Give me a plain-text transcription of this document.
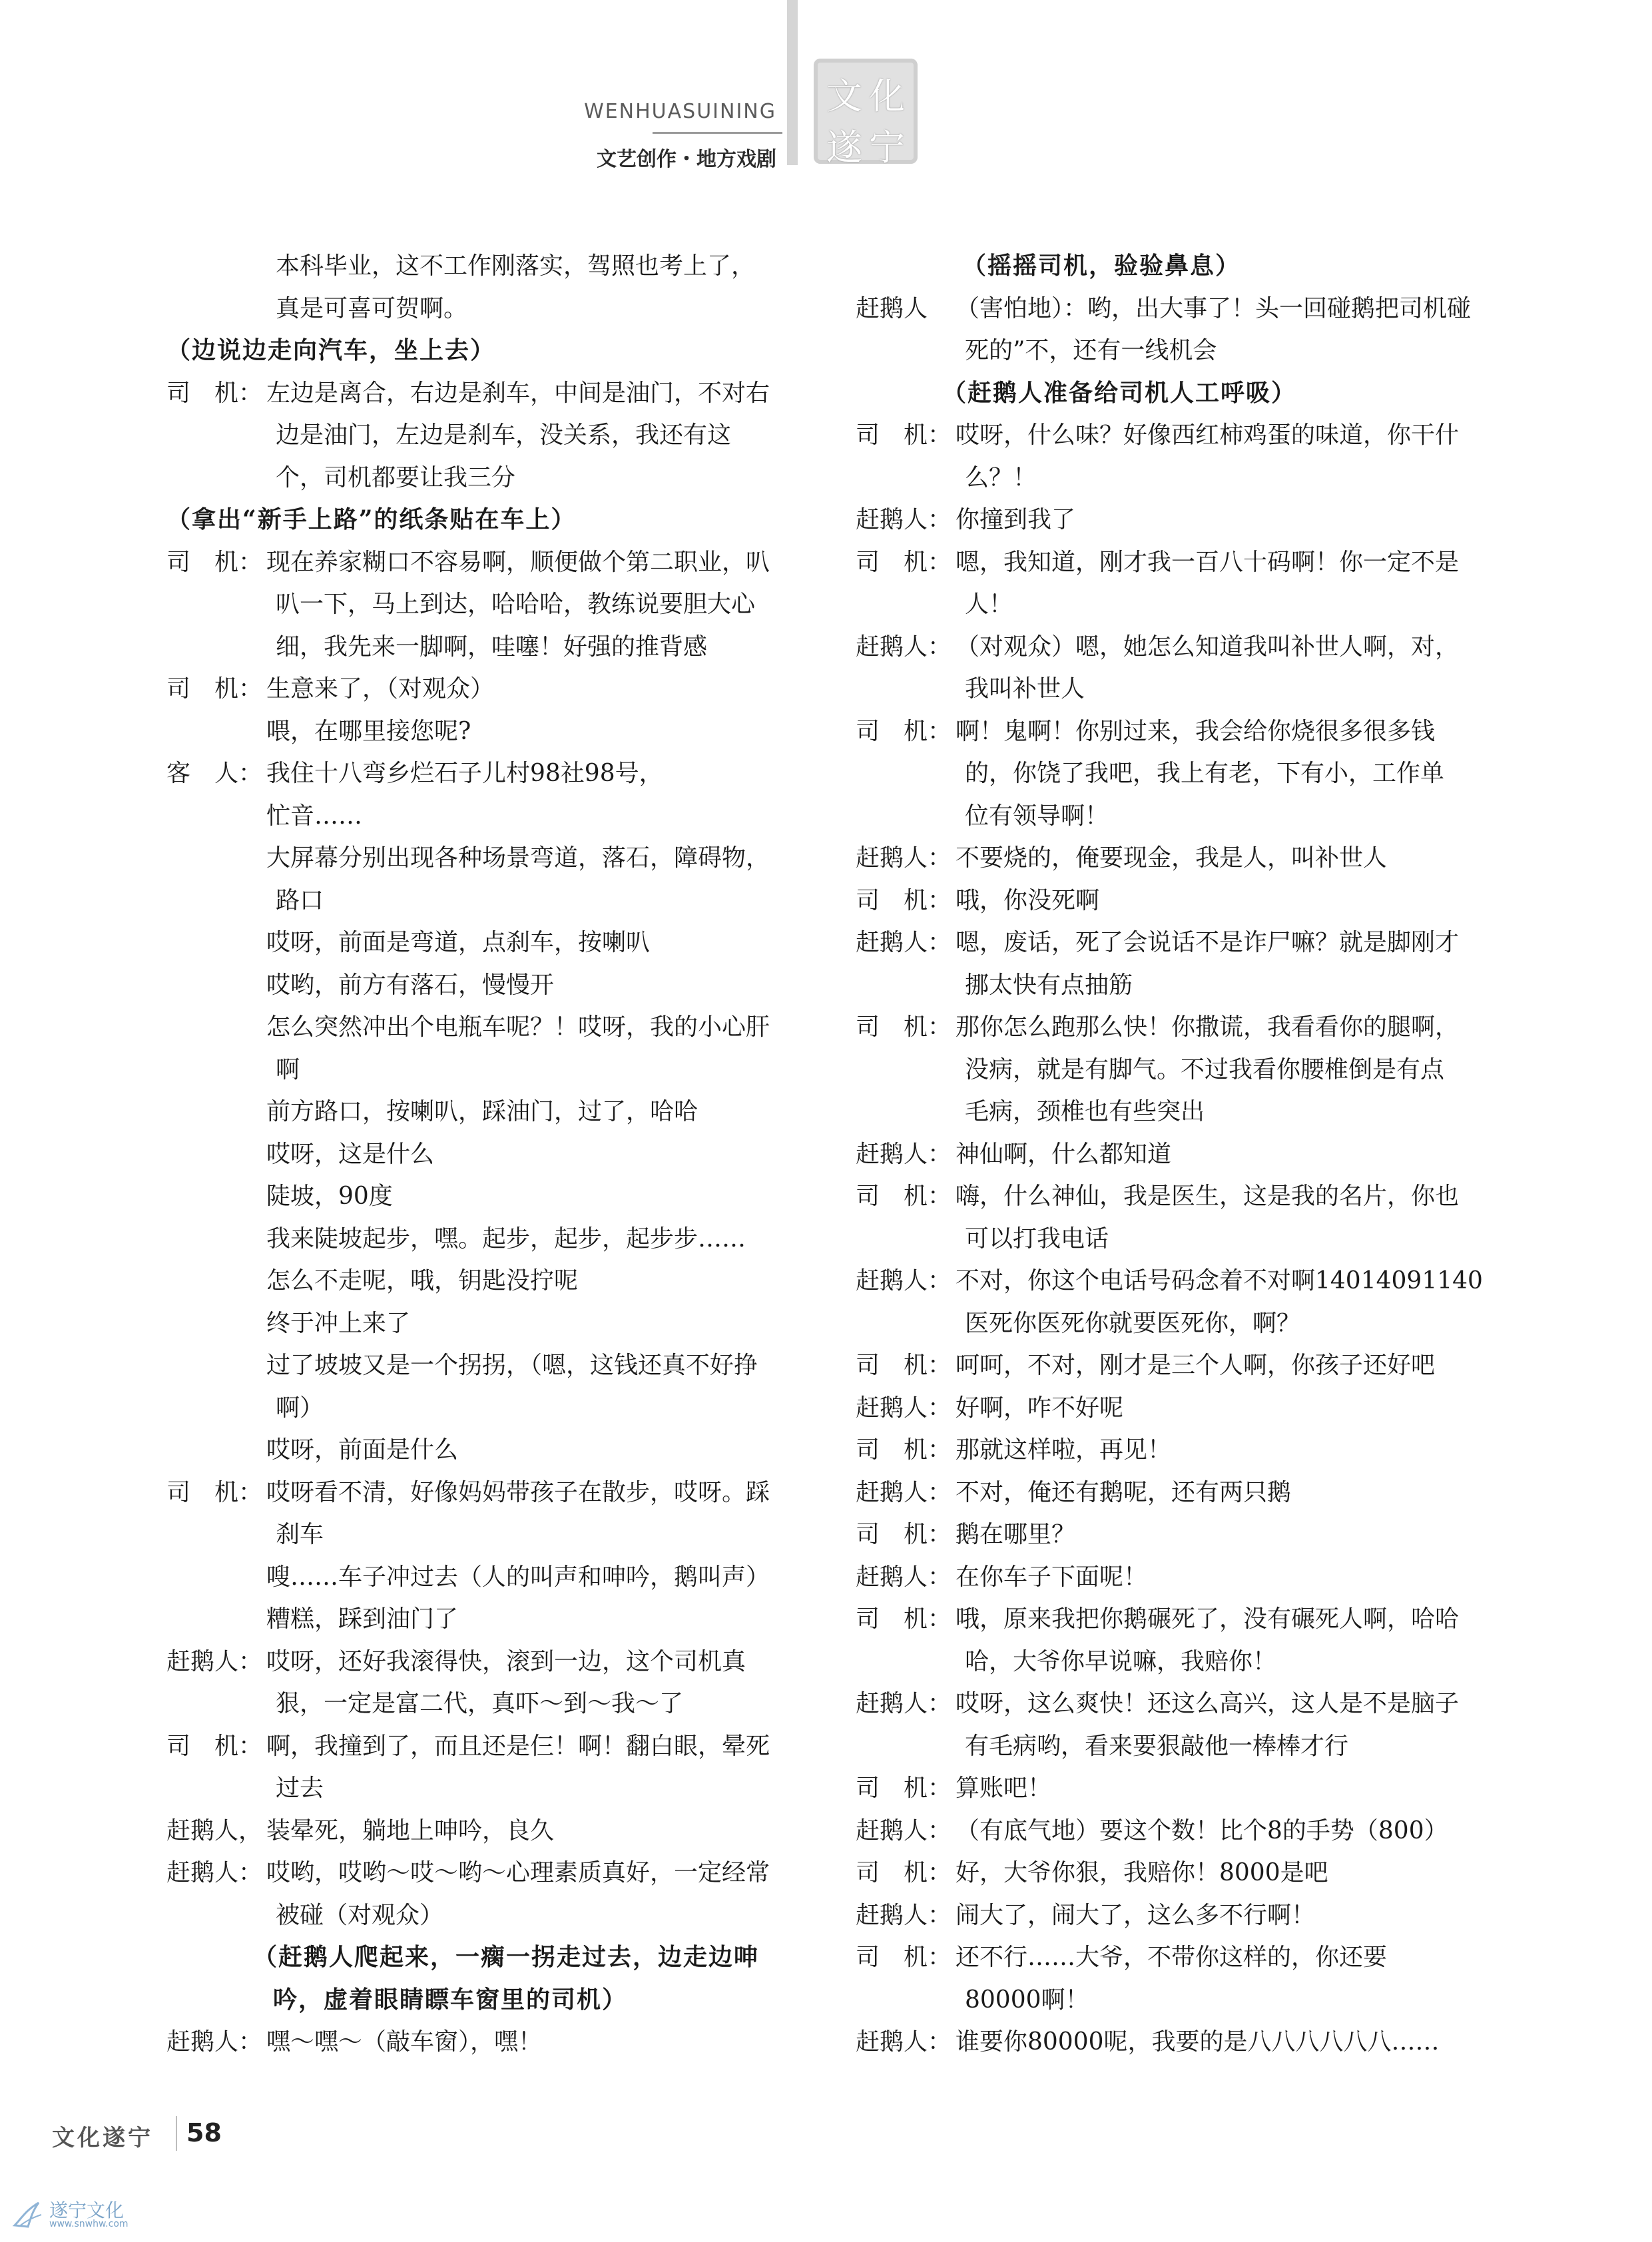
WENHUASUINING
文艺创作・地方戏剧
文 化
遂 宁
本科毕业，这不工作刚落实，驾照也考上了，
真是可喜可贺啊。
（边说边走向汽车，坐上去）
司　机： 左边是离合，右边是刹车，中间是油门，不对右
边是油门，左边是刹车，没关系，我还有这
个，司机都要让我三分
（拿出“新手上路”的纸条贴在车上）
司　机： 现在养家糊口不容易啊，顺便做个第二职业，叭
叭一下，马上到达，哈哈哈，教练说要胆大心
细，我先来一脚啊，哇噻！好强的推背感
司　机： 生意来了，（对观众）
喂，在哪里接您呢?
客　人： 我住十八弯乡烂石子儿村98社98号，
忙音……
大屏幕分别出现各种场景弯道，落石，障碍物，
路口
哎呀，前面是弯道，点刹车，按喇叭
哎哟，前方有落石，慢慢开
怎么突然冲出个电瓶车呢？！哎呀，我的小心肝
啊
前方路口，按喇叭，踩油门，过了，哈哈
哎呀，这是什么
陡坡，90度
我来陡坡起步，嘿。起步，起步，起步步……
怎么不走呢，哦，钥匙没拧呢
终于冲上来了
过了坡坡又是一个拐拐，（嗯，这钱还真不好挣
啊）
哎呀，前面是什么
司　机： 哎呀看不清，好像妈妈带孩子在散步，哎呀。踩
刹车
嗖……车子冲过去（人的叫声和呻吟，鹅叫声）
糟糕，踩到油门了
赶鹅人： 哎呀，还好我滚得快，滚到一边，这个司机真
狠，一定是富二代，真吓～到～我～了
司　机： 啊，我撞到了，而且还是仨！啊！翻白眼，晕死
过去
赶鹅人， 装晕死，躺地上呻吟，良久
赶鹅人： 哎哟，哎哟～哎～哟～心理素质真好，一定经常
被碰（对观众）
（赶鹅人爬起来，一瘸一拐走过去，边走边呻
吟，虚着眼睛瞟车窗里的司机）
赶鹅人： 嘿～嘿～（敲车窗），嘿！
（摇摇司机，验验鼻息）
赶鹅人 （害怕地）：哟，出大事了！头一回碰鹅把司机碰
死的”不，还有一线机会
（赶鹅人准备给司机人工呼吸）
司　机： 哎呀，什么味？好像西红柿鸡蛋的味道，你干什
么？！
赶鹅人： 你撞到我了
司　机： 嗯，我知道，刚才我一百八十码啊！你一定不是
人！
赶鹅人： （对观众）嗯，她怎么知道我叫补世人啊，对，
我叫补世人
司　机： 啊！鬼啊！你别过来，我会给你烧很多很多钱
的，你饶了我吧，我上有老，下有小，工作单
位有领导啊！
赶鹅人： 不要烧的，俺要现金，我是人，叫补世人
司　机： 哦，你没死啊
赶鹅人： 嗯，废话，死了会说话不是诈尸嘛？就是脚刚才
挪太快有点抽筋
司　机： 那你怎么跑那么快！你撒谎，我看看你的腿啊，
没病，就是有脚气。不过我看你腰椎倒是有点
毛病，颈椎也有些突出
赶鹅人： 神仙啊，什么都知道
司　机： 嗨，什么神仙，我是医生，这是我的名片，你也
可以打我电话
赶鹅人： 不对，你这个电话号码念着不对啊14014091140
医死你医死你就要医死你，啊？
司　机： 呵呵，不对，刚才是三个人啊，你孩子还好吧
赶鹅人： 好啊，咋不好呢
司　机： 那就这样啦，再见！
赶鹅人： 不对，俺还有鹅呢，还有两只鹅
司　机： 鹅在哪里？
赶鹅人： 在你车子下面呢！
司　机： 哦，原来我把你鹅碾死了，没有碾死人啊，哈哈
哈，大爷你早说嘛，我赔你！
赶鹅人： 哎呀，这么爽快！还这么高兴，这人是不是脑子
有毛病哟，看来要狠敲他一棒棒才行
司　机： 算账吧！
赶鹅人： （有底气地）要这个数！比个8的手势（800）
司　机： 好，大爷你狠，我赔你！8000是吧
赶鹅人： 闹大了，闹大了，这么多不行啊！
司　机： 还不行……大爷，不带你这样的，你还要
80000啊！
赶鹅人： 谁要你80000呢，我要的是八八八八八八……
文化遂宁 58
遂宁文化
www.snwhw.com
